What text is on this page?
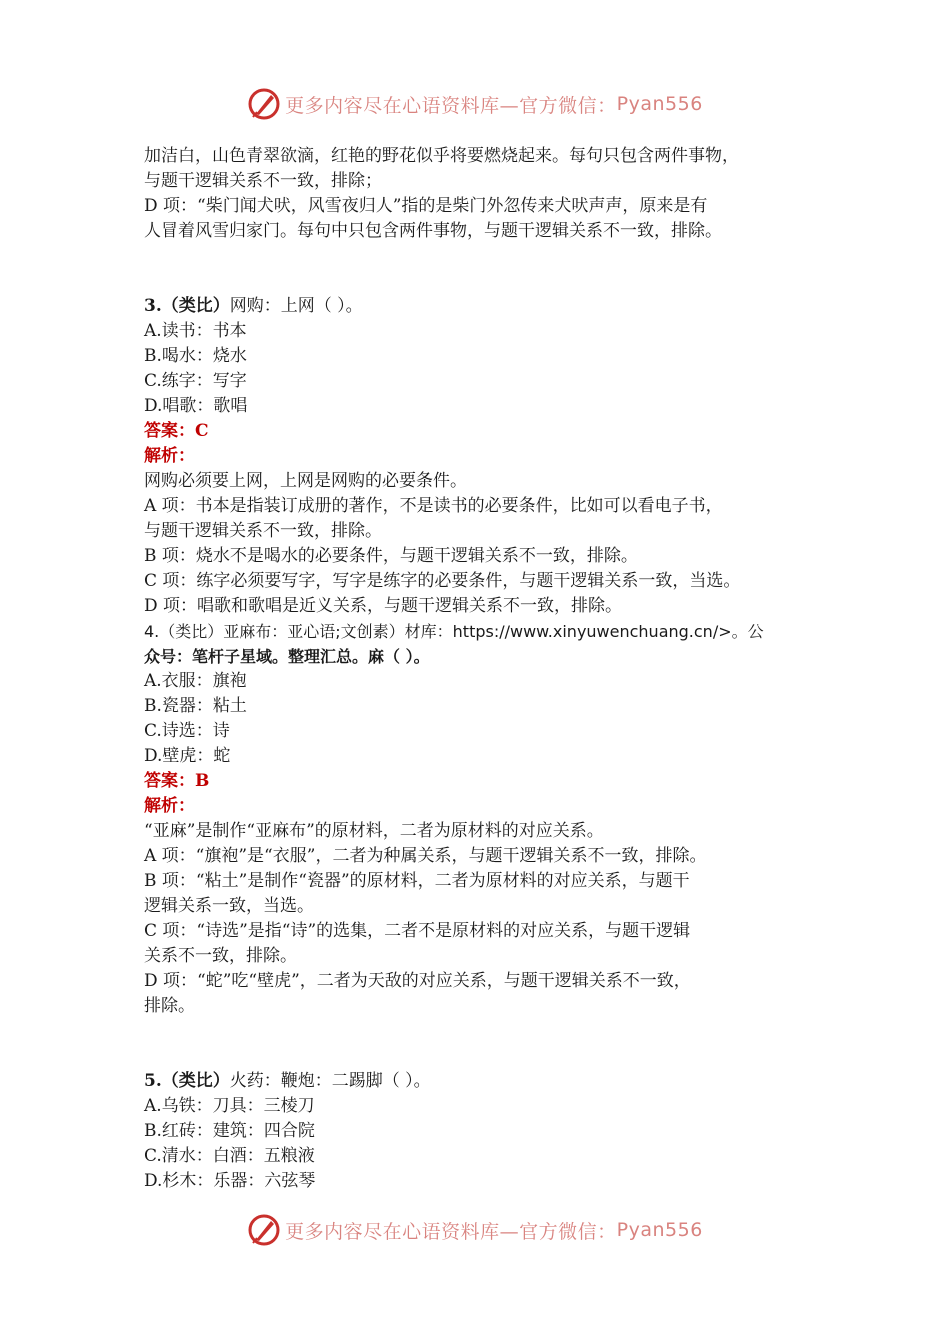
更多内容尽在心语资料库—官方微信： Pyan556
加洁白，山色青翠欲滴，红艳的野花似乎将要燃烧起来。每句只包含两件事物，
与题干逻辑关系不一致，排除；
D 项：“柴门闻犬吠，风雪夜归人”指的是柴门外忽传来犬吠声声，原来是有
人冒着风雪归家门。每句中只包含两件事物，与题干逻辑关系不一致，排除。
3.（类比）网购：上网（ ）。
A.读书：书本
B.喝水：烧水
C.练字：写字
D.唱歌：歌唱
答案：C
解析：
网购必须要上网，上网是网购的必要条件。
A 项：书本是指装订成册的著作，不是读书的必要条件，比如可以看电子书，
与题干逻辑关系不一致，排除。
B 项：烧水不是喝水的必要条件，与题干逻辑关系不一致，排除。
C 项：练字必须要写字，写字是练字的必要条件，与题干逻辑关系一致，当选。
D 项：唱歌和歌唱是近义关系，与题干逻辑关系不一致，排除。
4.（类比）亚麻布：亚心语;文创素）材库：https://www.xinyuwenchuang.cn/>。公
众号：笔杆子星域。整理汇总。麻（ ）。
A.衣服：旗袍
B.瓷器：粘土
C.诗选：诗
D.壁虎：蛇
答案：B
解析：
“亚麻”是制作“亚麻布”的原材料，二者为原材料的对应关系。
A 项：“旗袍”是“衣服”，二者为种属关系，与题干逻辑关系不一致，排除。
B 项：“粘土”是制作“瓷器”的原材料，二者为原材料的对应关系，与题干
逻辑关系一致，当选。
C 项：“诗选”是指“诗”的选集，二者不是原材料的对应关系，与题干逻辑
关系不一致，排除。
D 项：“蛇”吃“壁虎”，二者为天敌的对应关系，与题干逻辑关系不一致，
排除。
5.（类比）火药：鞭炮：二踢脚（ ）。
A.乌铁：刀具：三棱刀
B.红砖：建筑：四合院
C.清水：白酒：五粮液
D.杉木：乐器：六弦琴
更多内容尽在心语资料库—官方微信： Pyan556
